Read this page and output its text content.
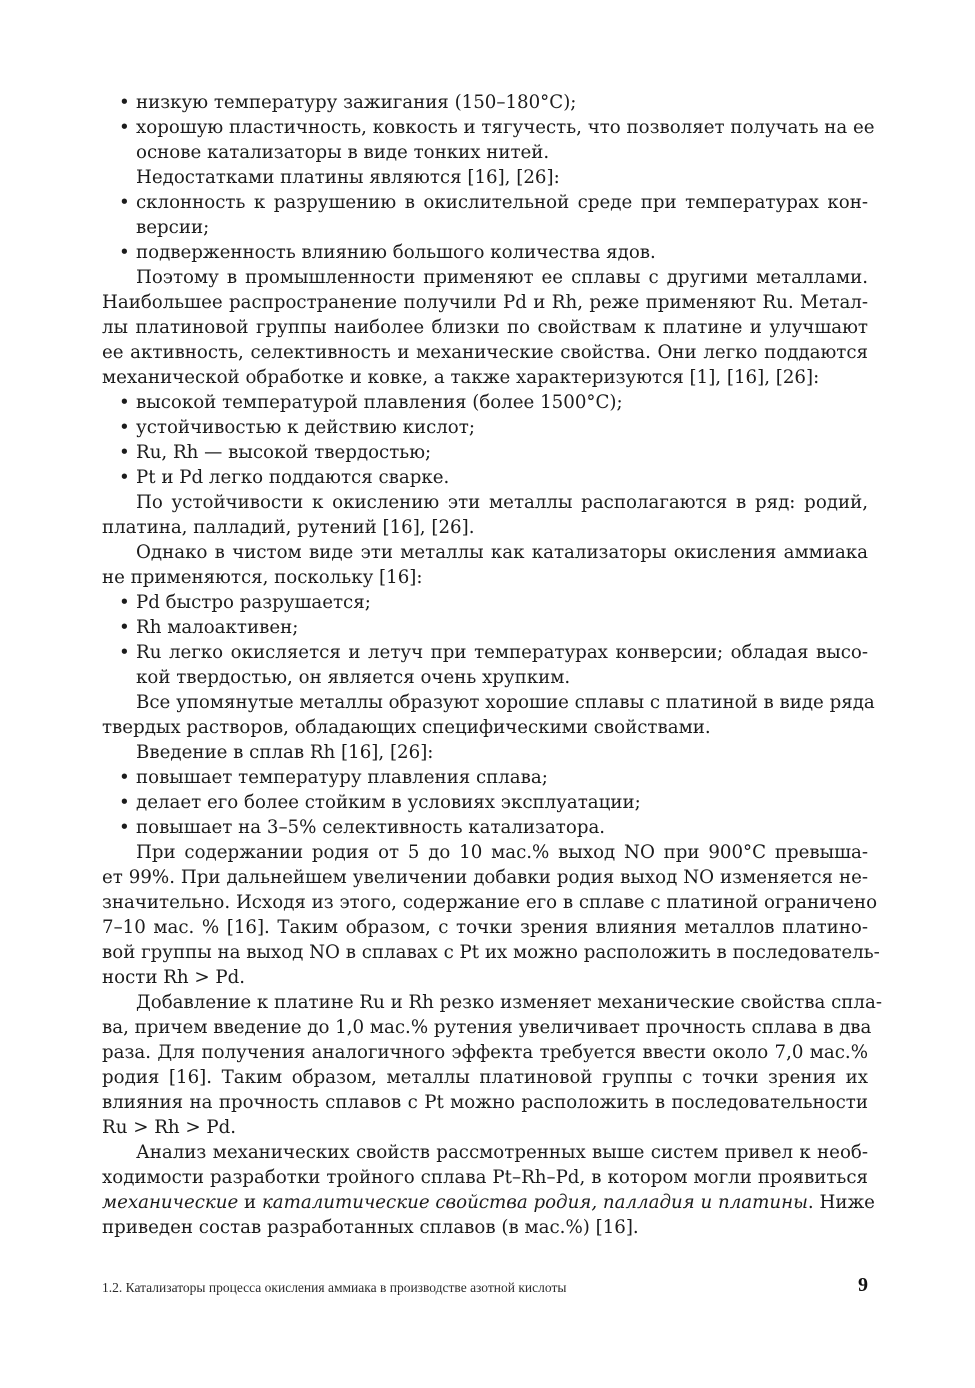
• низкую температуру зажигания (150–180°С);
• хорошую пластичность, ковкость и тягучесть, что позволяет получать на ее
основе катализаторы в виде тонких нитей.
Недостатками платины являются [16], [26]:
• склонность к разрушению в окислительной среде при температурах кон-
версии;
• подверженность влиянию большого количества ядов.
Поэтому в промышленности применяют ее сплавы с другими металлами.
Наибольшее распространение получили Pd и Rh, реже применяют Ru. Метал-
лы платиновой группы наиболее близки по свойствам к платине и улучшают
ее активность, селективность и механические свойства. Они легко поддаются
механической обработке и ковке, а также характеризуются [1], [16], [26]:
• высокой температурой плавления (более 1500°С);
• устойчивостью к действию кислот;
• Ru, Rh — высокой твердостью;
• Pt и Pd легко поддаются сварке.
По устойчивости к окислению эти металлы располагаются в ряд: родий,
платина, палладий, рутений [16], [26].
Однако в чистом виде эти металлы как катализаторы окисления аммиака
не применяются, поскольку [16]:
• Pd быстро разрушается;
• Rh малоактивен;
• Ru легко окисляется и летуч при температурах конверсии; обладая высо-
кой твердостью, он является очень хрупким.
Все упомянутые металлы образуют хорошие сплавы с платиной в виде ряда
твердых растворов, обладающих специфическими свойствами.
Введение в сплав Rh [16], [26]:
• повышает температуру плавления сплава;
• делает его более стойким в условиях эксплуатации;
• повышает на 3–5% селективность катализатора.
При содержании родия от 5 до 10 мас.% выход NO при 900°С превыша-
ет 99%. При дальнейшем увеличении добавки родия выход NO изменяется не-
значительно. Исходя из этого, содержание его в сплаве с платиной ограничено
7–10 мас. % [16]. Таким образом, с точки зрения влияния металлов платино-
вой группы на выход NO в сплавах с Pt их можно расположить в последователь-
ности Rh > Pd.
Добавление к платине Ru и Rh резко изменяет механические свойства спла-
ва, причем введение до 1,0 мас.% рутения увеличивает прочность сплава в два
раза. Для получения аналогичного эффекта требуется ввести около 7,0 мас.%
родия [16]. Таким образом, металлы платиновой группы с точки зрения их
влияния на прочность сплавов с Pt можно расположить в последовательности
Ru > Rh > Pd.
Анализ механических свойств рассмотренных выше систем привел к необ-
ходимости разработки тройного сплава Pt–Rh–Pd, в котором могли проявиться
механические и каталитические свойства родия, палладия и платины. Ниже
приведен состав разработанных сплавов (в мас.%) [16].
1.2. Катализаторы процесса окисления аммиака в производстве азотной кислоты	9
